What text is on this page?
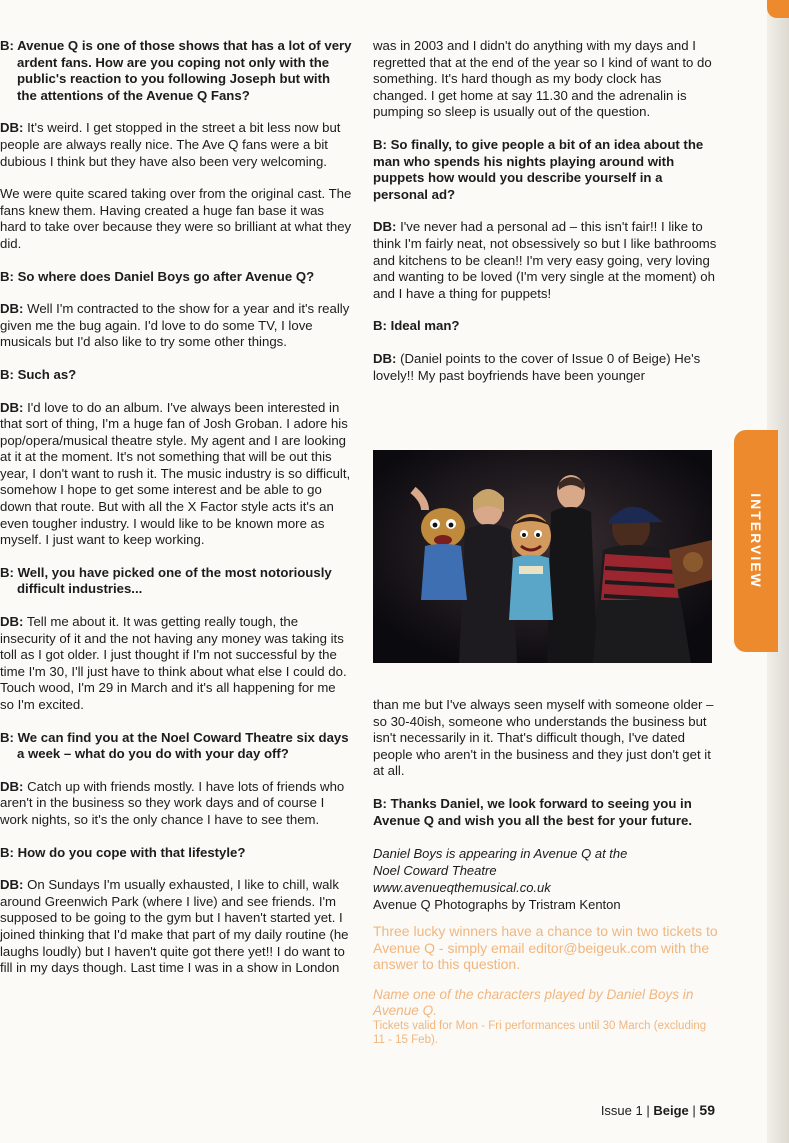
B: Avenue Q is one of those shows that has a lot of very ardent fans. How are you coping not only with the public's reaction to you following Joseph but with the attentions of the Avenue Q Fans?

DB: It's weird. I get stopped in the street a bit less now but people are always really nice. The Ave Q fans were a bit dubious I think but they have also been very welcoming.

We were quite scared taking over from the original cast. The fans knew them. Having created a huge fan base it was hard to take over because they were so brilliant at what they did.

B: So where does Daniel Boys go after Avenue Q?

DB: Well I'm contracted to the show for a year and it's really given me the bug again. I'd love to do some TV, I love musicals but I'd also like to try some other things.

B: Such as?

DB: I'd love to do an album. I've always been interested in that sort of thing, I'm a huge fan of Josh Groban. I adore his pop/opera/musical theatre style. My agent and I are looking at it at the moment. It's not something that will be out this year, I don't want to rush it. The music industry is so difficult, somehow I hope to get some interest and be able to go down that route. But with all the X Factor style acts it's an even tougher industry. I would like to be known more as myself. I just want to keep working.

B: Well, you have picked one of the most notoriously difficult industries...

DB: Tell me about it. It was getting really tough, the insecurity of it and the not having any money was taking its toll as I got older. I just thought if I'm not successful by the time I'm 30, I'll just have to think about what else I could do. Touch wood, I'm 29 in March and it's all happening for me so I'm excited.

B: We can find you at the Noel Coward Theatre six days a week – what do you do with your day off?

DB: Catch up with friends mostly. I have lots of friends who aren't in the business so they work days and of course I work nights, so it's the only chance I have to see them.

B: How do you cope with that lifestyle?

DB: On Sundays I'm usually exhausted, I like to chill, walk around Greenwich Park (where I live) and see friends. I'm supposed to be going to the gym but I haven't started yet. I joined thinking that I'd make that part of my daily routine (he laughs loudly) but I haven't quite got there yet!! I do want to fill in my days though. Last time I was in a show in London

was in 2003 and I didn't do anything with my days and I regretted that at the end of the year so I kind of want to do something. It's hard though as my body clock has changed. I get home at say 11.30 and the adrenalin is pumping so sleep is usually out of the question.

B: So finally, to give people a bit of an idea about the man who spends his nights playing around with puppets how would you describe yourself in a personal ad?

DB: I've never had a personal ad – this isn't fair!! I like to think I'm fairly neat, not obsessively so but I like bathrooms and kitchens to be clean!! I'm very easy going, very loving and wanting to be loved (I'm very single at the moment) oh and I have a thing for puppets!

B: Ideal man?

DB: (Daniel points to the cover of Issue 0 of Beige) He's lovely!! My past boyfriends have been younger

INTERVIEW

than me but I've always seen myself with someone older – so 30-40ish, someone who understands the business but isn't necessarily in it. That's difficult though, I've dated people who aren't in the business and they just don't get it at all.

B: Thanks Daniel, we look forward to seeing you in Avenue Q and wish you all the best for your future.

Daniel Boys is appearing in Avenue Q at the
Noel Coward Theatre
www.avenueqthemusical.co.uk
Avenue Q Photographs by Tristram Kenton
Three lucky winners have a chance to win two tickets to Avenue Q - simply email editor@beigeuk.com with the answer to this question.
Name one of the characters played by Daniel Boys in Avenue Q.
Tickets valid for Mon - Fri performances until 30 March (excluding 11 - 15 Feb).
Issue 1 | Beige | 59
